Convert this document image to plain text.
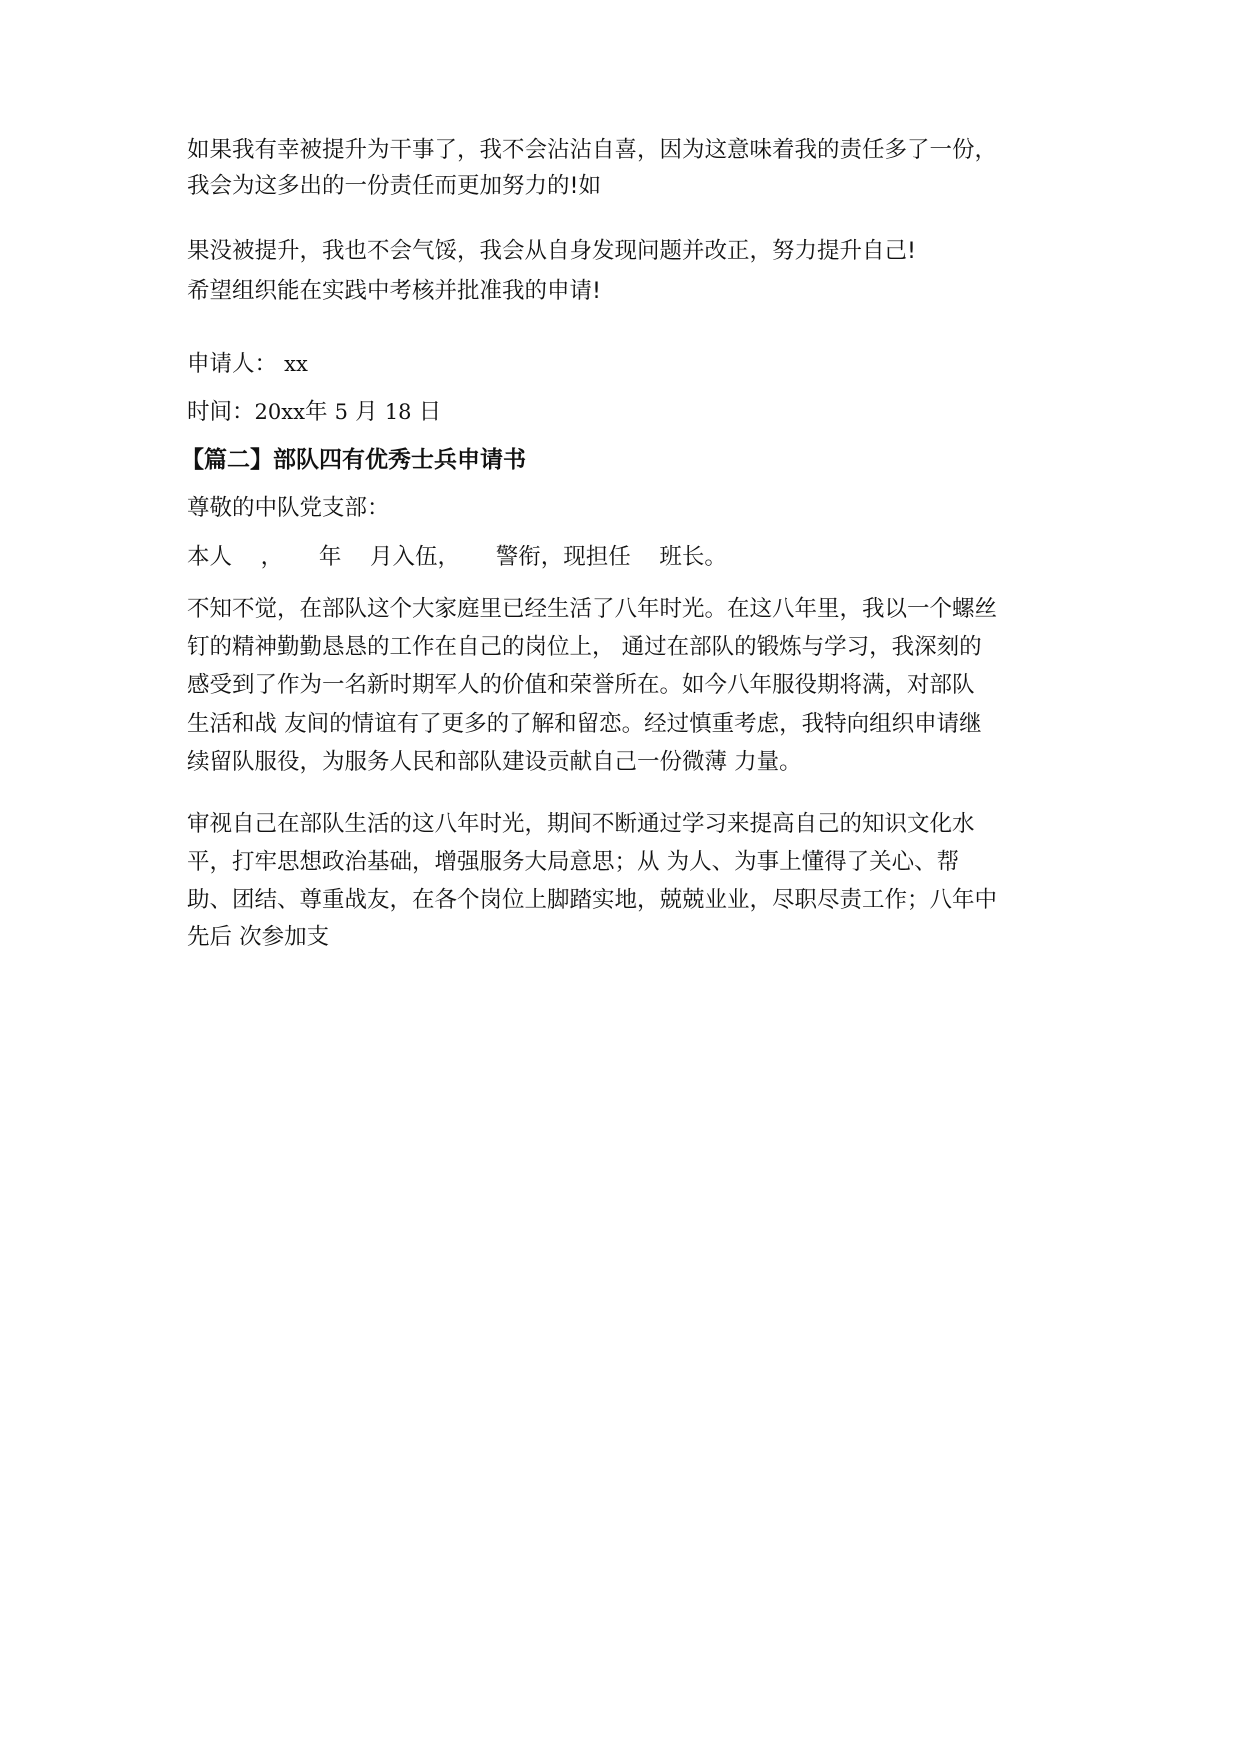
如果我有幸被提升为干事了，我不会沾沾自喜，因为这意味着我的责任多了一份，
我会为这多出的一份责任而更加努力的!如
果没被提升，我也不会气馁，我会从自身发现问题并改正，努力提升自己!
希望组织能在实践中考核并批准我的申请!
申请人： xx
时间：20xx年 5 月 18 日
【篇二】部队四有优秀士兵申请书
尊敬的中队党支部：
本人    ，     年    月入伍，     警衔，现担任    班长。
不知不觉，在部队这个大家庭里已经生活了八年时光。在这八年里，我以一个螺丝
钉的精神勤勤恳恳的工作在自己的岗位上， 通过在部队的锻炼与学习，我深刻的
感受到了作为一名新时期军人的价值和荣誉所在。如今八年服役期将满，对部队
生活和战 友间的情谊有了更多的了解和留恋。经过慎重考虑，我特向组织申请继
续留队服役，为服务人民和部队建设贡献自己一份微薄 力量。
审视自己在部队生活的这八年时光，期间不断通过学习来提高自己的知识文化水
平，打牢思想政治基础，增强服务大局意思；从 为人、为事上懂得了关心、帮
助、团结、尊重战友，在各个岗位上脚踏实地，兢兢业业，尽职尽责工作；八年中
先后 次参加支
